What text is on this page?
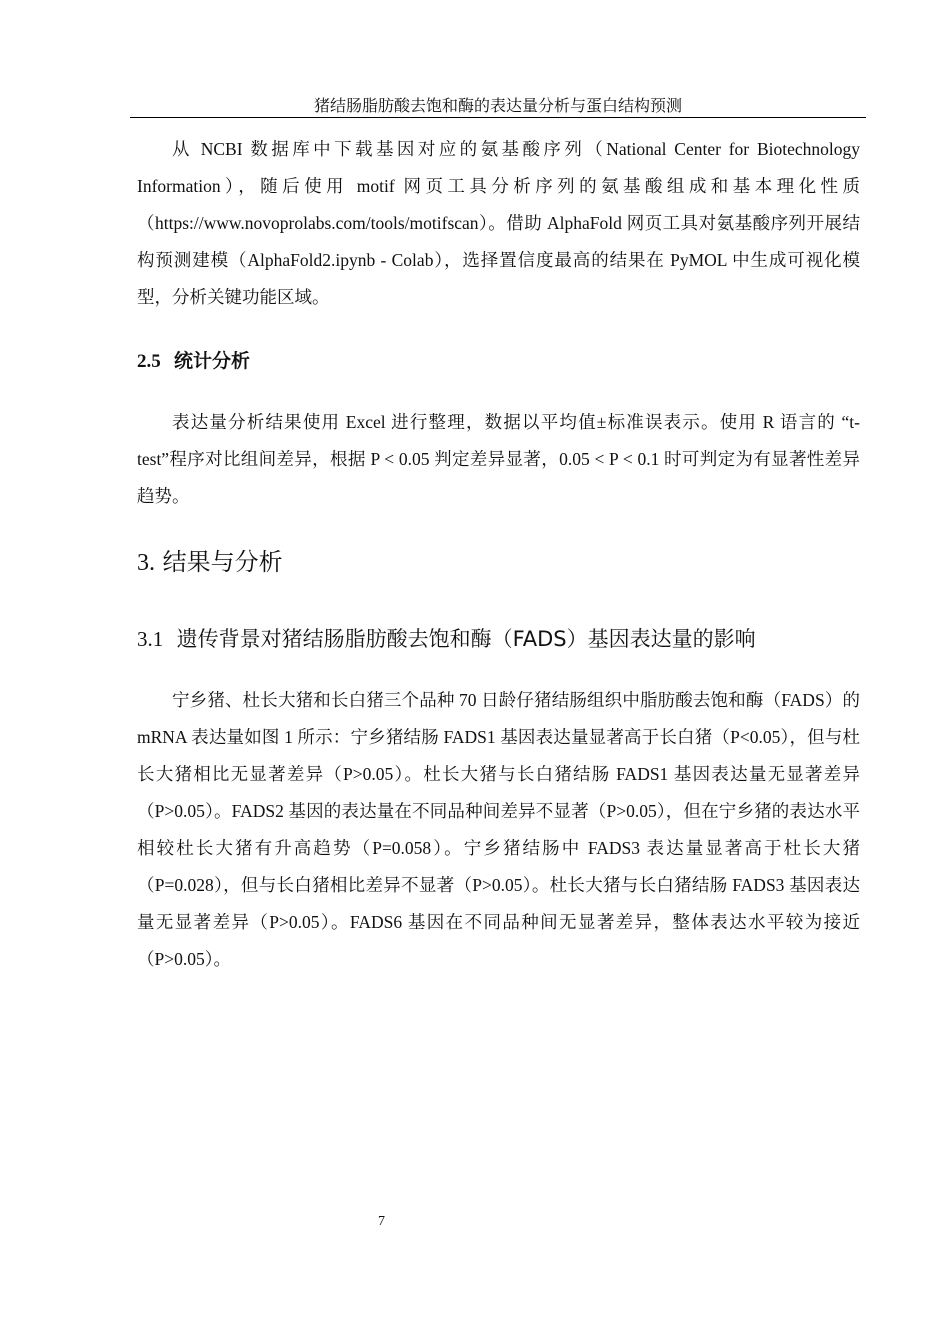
猪结肠脂肪酸去饱和酶的表达量分析与蛋白结构预测

从 NCBI 数据库中下载基因对应的氨基酸序列（National Center for Biotechnology Information），随后使用 motif 网页工具分析序列的氨基酸组成和基本理化性质（https://www.novoprolabs.com/tools/motifscan）。借助 AlphaFold 网页工具对氨基酸序列开展结构预测建模（AlphaFold2.ipynb - Colab），选择置信度最高的结果在 PyMOL 中生成可视化模型，分析关键功能区域。

2.5 统计分析

表达量分析结果使用 Excel 进行整理，数据以平均值±标准误表示。使用 R 语言的 “t-test”程序对比组间差异，根据 P < 0.05 判定差异显著，0.05 < P < 0.1 时可判定为有显著性差异趋势。

3. 结果与分析
3.1 遗传背景对猪结肠脂肪酸去饱和酶（FADS）基因表达量的影响

宁乡猪、杜长大猪和长白猪三个品种 70 日龄仔猪结肠组织中脂肪酸去饱和酶（FADS）的 mRNA 表达量如图 1 所示：宁乡猪结肠 FADS1 基因表达量显著高于长白猪（P<0.05），但与杜长大猪相比无显著差异（P>0.05）。杜长大猪与长白猪结肠 FADS1 基因表达量无显著差异（P>0.05）。FADS2 基因的表达量在不同品种间差异不显著（P>0.05），但在宁乡猪的表达水平相较杜长大猪有升高趋势（P=0.058）。宁乡猪结肠中 FADS3 表达量显著高于杜长大猪（P=0.028），但与长白猪相比差异不显著（P>0.05）。杜长大猪与长白猪结肠 FADS3 基因表达量无显著差异（P>0.05）。FADS6 基因在不同品种间无显著差异，整体表达水平较为接近（P>0.05）。

7
